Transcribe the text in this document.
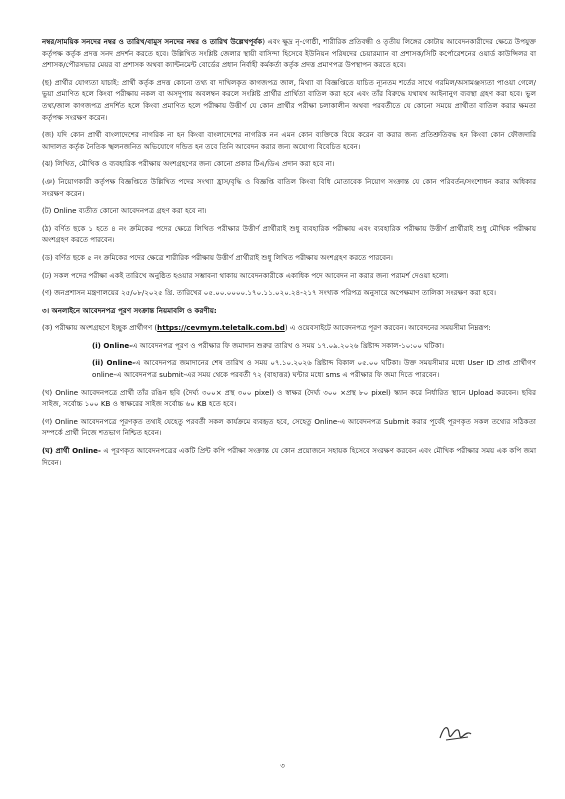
নম্বর/সাময়িক সনদের নম্বর ও তারিখ/বামুস সনদের নম্বর ও তারিখ উল্লেখপূর্বক) এবং ক্ষুদ্র নৃ-গোষ্ঠী, শারীরিক প্রতিবন্ধী ও তৃতীয় লিঙ্গের কোটায় আবেদনকারীদের ক্ষেত্রে উপযুক্ত কর্তৃপক্ষ কর্তৃক প্রদত্ত সনদ প্রদর্শন করতে হবে। উল্লিখিত সংশ্লিষ্ট জেলার স্থায়ী বাসিন্দা হিসেবে ইউনিয়ন পরিষদের চেয়ারম্যান বা প্রশাসক/সিটি কর্পোরেশনের ওয়ার্ড কাউন্সিলর বা প্রশাসক/পৌরসভার মেয়র বা প্রশাসক অথবা ক্যান্টনমেন্ট বোর্ডের প্রধান নির্বাহী কর্মকর্তা কর্তৃক প্রদত্ত প্রমাণপত্র উপস্থাপন করতে হবে।

(ছ) প্রার্থীর যোগ্যতা যাচাই: প্রার্থী কর্তৃক প্রদত্ত কোনো তথ্য বা দাখিলকৃত কাগজপত্র জাল, মিথ্যা বা বিজ্ঞপ্তিতে যাচিত ন্যূনতম শর্তের সাথে গরমিল/অসামঞ্জস্যতা পাওয়া গেলে/ভুয়া প্রমাণিত হলে কিংবা পরীক্ষায় নকল বা অসদুপায় অবলম্বন করলে সংশ্লিষ্ট প্রার্থীর প্রার্থিতা বাতিল করা হবে এবং তাঁর বিরুদ্ধে যথাযথ আইনানুগ ব্যবস্থা গ্রহণ করা হবে। ভুল তথ্য/জাল কাগজপত্র প্রদর্শিত হলে কিংবা প্রমাণিত হলে পরীক্ষায় উত্তীর্ণ যে কোন প্রার্থীর পরীক্ষা চলাকালীন অথবা পরবর্তীতে যে কোনো সময়ে প্রার্থীতা বাতিল করার ক্ষমতা কর্তৃপক্ষ সংরক্ষণ করেন।

(জ) যদি কোন প্রার্থী বাংলাদেশের নাগরিক না হন কিংবা বাংলাদেশের নাগরিক নন এমন কোন ব্যক্তিকে বিয়ে করেন বা করার জন্য প্রতিশ্রুতিবদ্ধ হন কিংবা কোন ফৌজদারি আদালত কর্তৃক নৈতিক স্খলনজনিত অভিযোগে দন্ডিত হন তবে তিনি আবেদন করার জন্য অযোগ্য বিবেচিত হবেন।

(ঝ) লিখিত, মৌখিক ও ব্যবহারিক পরীক্ষায় অংশগ্রহণের জন্য কোনো প্রকার টিএ/ডিএ প্রদান করা হবে না।

(ঞ) নিয়োগকারী কর্তৃপক্ষ বিজ্ঞপ্তিতে উল্লিখিত পদের সংখ্যা হ্রাস/বৃদ্ধি ও বিজ্ঞপ্তি বাতিল কিংবা বিধি মোতাবেক নিয়োগ সংক্রান্ত যে কোন পরিবর্তন/সংশোধন করার অধিকার সংরক্ষণ করেন।

(ট) Online ব্যতীত কোনো আবেদনপত্র গ্রহণ করা হবে না।

(ঠ) বর্ণিত ছকে ১ হতে ৪ নং ক্রমিকের পদের ক্ষেত্রে লিখিত পরীক্ষার উত্তীর্ণ প্রার্থীরাই শুধু ব্যবহারিক পরীক্ষায় এবং ব্যবহারিক পরীক্ষায় উত্তীর্ণ প্রার্থীরাই শুধু মৌখিক পরীক্ষায় অংশগ্রহণ করতে পারবেন।

(ড) বর্ণিত ছকে ৫ নং ক্রমিকের পদের ক্ষেত্রে শারীরিক পরীক্ষায় উত্তীর্ণ প্রার্থীরাই শুধু লিখিত পরীক্ষায় অংশগ্রহণ করতে পারবেন।

(ঢ) সকল পদের পরীক্ষা একই তারিখে অনুষ্ঠিত হওয়ার সম্ভাবনা থাকায় আবেদনকারীকে একাধিক পদে আবেদন না করার জন্য পরামর্শ দেওয়া হলো।

(ণ) জনপ্রশাসন মন্ত্রণালয়ের ২৫/০৮/২০২৫ খ্রি. তারিখের ০৫.০০.০০০০.১৭০.১১.০২০.২৪-২১৭ সংখ্যক পরিপত্র অনুসারে অপেক্ষমাণ তালিকা সংরক্ষণ করা হবে।

৩। অনলাইনে আবেদনপত্র পূরণ সংক্রান্ত নিয়মাবলি ও করণীয়:

(ক) পরীক্ষায় অংশগ্রহণে ইচ্ছুক প্রার্থীগণ (https://cevmym.teletalk.com.bd) এ ওয়েবসাইটে আবেদনপত্র পূরণ করবেন। আবেদনের সময়সীমা নিম্নরূপ:

(i) Online-এ আবেদনপত্র পূরণ ও পরীক্ষার ফি জমাদান শুরুর তারিখ ও সময় ১৭.০৯.২০২৬ খ্রিষ্টাব্দ সকাল-১০:০০ ঘটিকা।

(ii) Online-এ আবেদনপত্র জমাদানের শেষ তারিখ ও সময় ০৭.১০.২০২৬ খ্রিষ্টাব্দ বিকাল ০৫.০০ ঘটিকা। উক্ত সময়সীমার মধ্যে User ID প্রাপ্ত প্রার্থীগণ online-এ আবেদনপত্র submit-এর সময় থেকে পরবর্তী ৭২ (বাহাত্তর) ঘন্টার মধ্যে sms এ পরীক্ষার ফি জমা দিতে পারবেন।

(খ) Online আবেদনপত্রে প্রার্থী তাঁর রঙিন ছবি (দৈর্ঘ্য ৩০০× প্রস্থ ৩০০ pixel) ও স্বাক্ষর (দৈর্ঘ্য ৩০০ ×প্রস্থ ৮০ pixel) স্ক্যান করে নির্ধারিত স্থানে Upload করবেন। ছবির সাইজ, সর্বোচ্চ ১০০ KB ও স্বাক্ষরের সাইজ সর্বোচ্চ ৬০ KB হতে হবে।

(গ) Online আবেদনপত্রে পূরণকৃত তথ্যই যেহেতু পরবর্তী সকল কার্যক্রমে ব্যবহৃত হবে, সেহেতু Online-এ আবেদনপত্র Submit করার পূর্বেই পূরণকৃত সকল তথ্যের সঠিকতা সম্পর্কে প্রার্থী নিজে শতভাগ নিশ্চিত হবেন।

(ঘ) প্রার্থী Online- এ পূরণকৃত আবেদনপত্রের একটি প্রিন্ট কপি পরীক্ষা সংক্রান্ত যে কোন প্রয়োজনে সহায়ক হিসেবে সংরক্ষণ করবেন এবং মৌখিক পরীক্ষার সময় এক কপি জমা দিবেন।

৩
